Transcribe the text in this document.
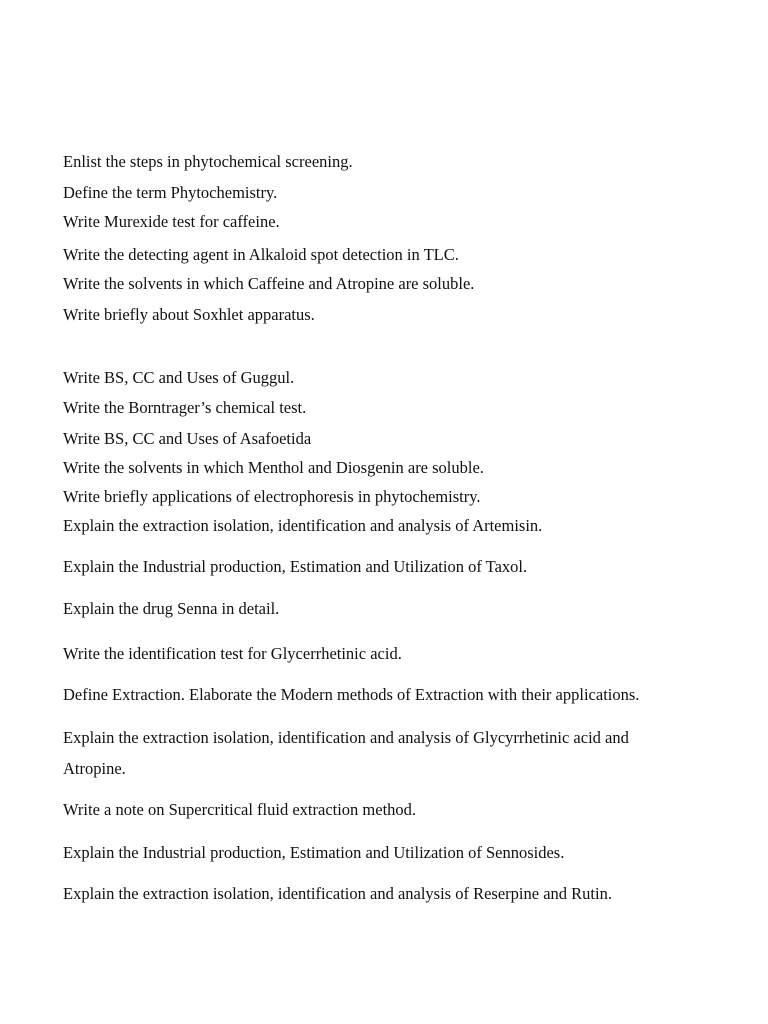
Enlist the steps in phytochemical screening.

Define the term Phytochemistry.

Write Murexide test for caffeine.

Write the detecting agent in Alkaloid spot detection in TLC.

Write the solvents in which Caffeine and Atropine are soluble.

Write briefly about Soxhlet apparatus.

Write BS, CC and Uses of Guggul.

Write the Borntrager’s chemical test.

Write BS, CC and Uses of Asafoetida

Write the solvents in which Menthol and Diosgenin are soluble.

Write briefly applications of electrophoresis in phytochemistry.

Explain the extraction isolation, identification and analysis of Artemisin.

Explain the Industrial production, Estimation and Utilization of Taxol.

Explain the drug Senna in detail.

Write the identification test for Glycerrhetinic acid.

Define Extraction. Elaborate the Modern methods of Extraction with their applications.

Explain the extraction isolation, identification and analysis of Glycyrrhetinic acid and

Atropine.

Write a note on Supercritical fluid extraction method.

Explain the Industrial production, Estimation and Utilization of Sennosides.

Explain the extraction isolation, identification and analysis of Reserpine and Rutin.
